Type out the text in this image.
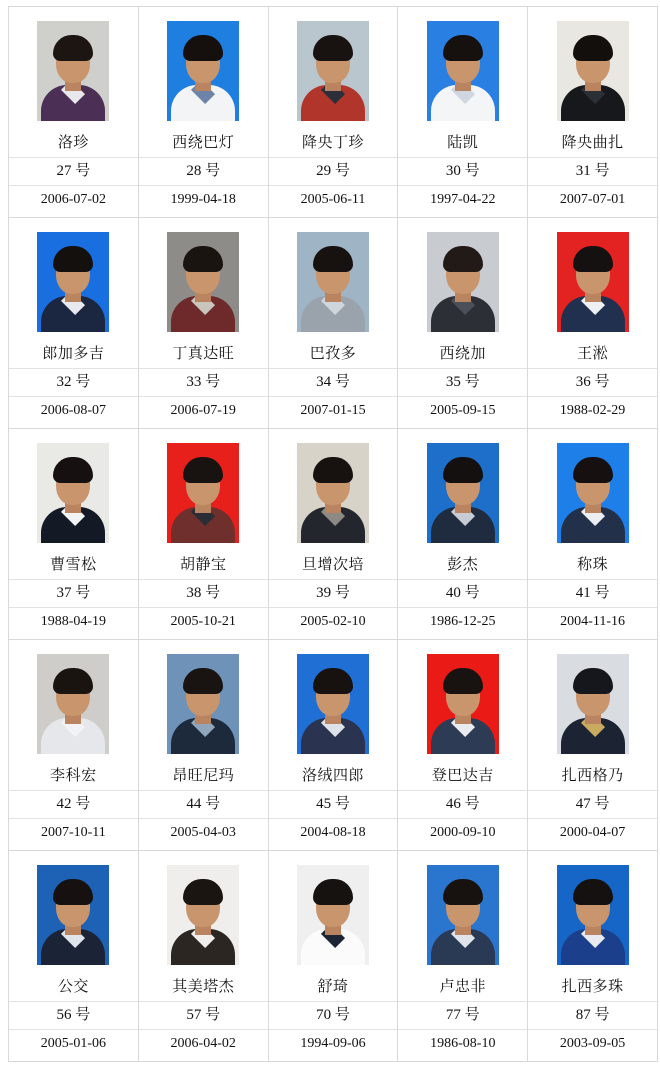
洛珍
27 号
2006-07-02

西绕巴灯
28 号
1999-04-18

降央丁珍
29 号
2005-06-11

陆凯
30 号
1997-04-22

降央曲扎
31 号
2007-07-01

郎加多吉
32 号
2006-08-07

丁真达旺
33 号
2006-07-19

巴孜多
34 号
2007-01-15

西绕加
35 号
2005-09-15

王淞
36 号
1988-02-29

曹雪松
37 号
1988-04-19

胡静宝
38 号
2005-10-21

旦增次培
39 号
2005-02-10

彭杰
40 号
1986-12-25

称珠
41 号
2004-11-16

李科宏
42 号
2007-10-11

昂旺尼玛
44 号
2005-04-03

洛绒四郎
45 号
2004-08-18

登巴达吉
46 号
2000-09-10

扎西格乃
47 号
2000-04-07

公交
56 号
2005-01-06

其美塔杰
57 号
2006-04-02

舒琦
70 号
1994-09-06

卢忠非
77 号
1986-08-10

扎西多珠
87 号
2003-09-05
